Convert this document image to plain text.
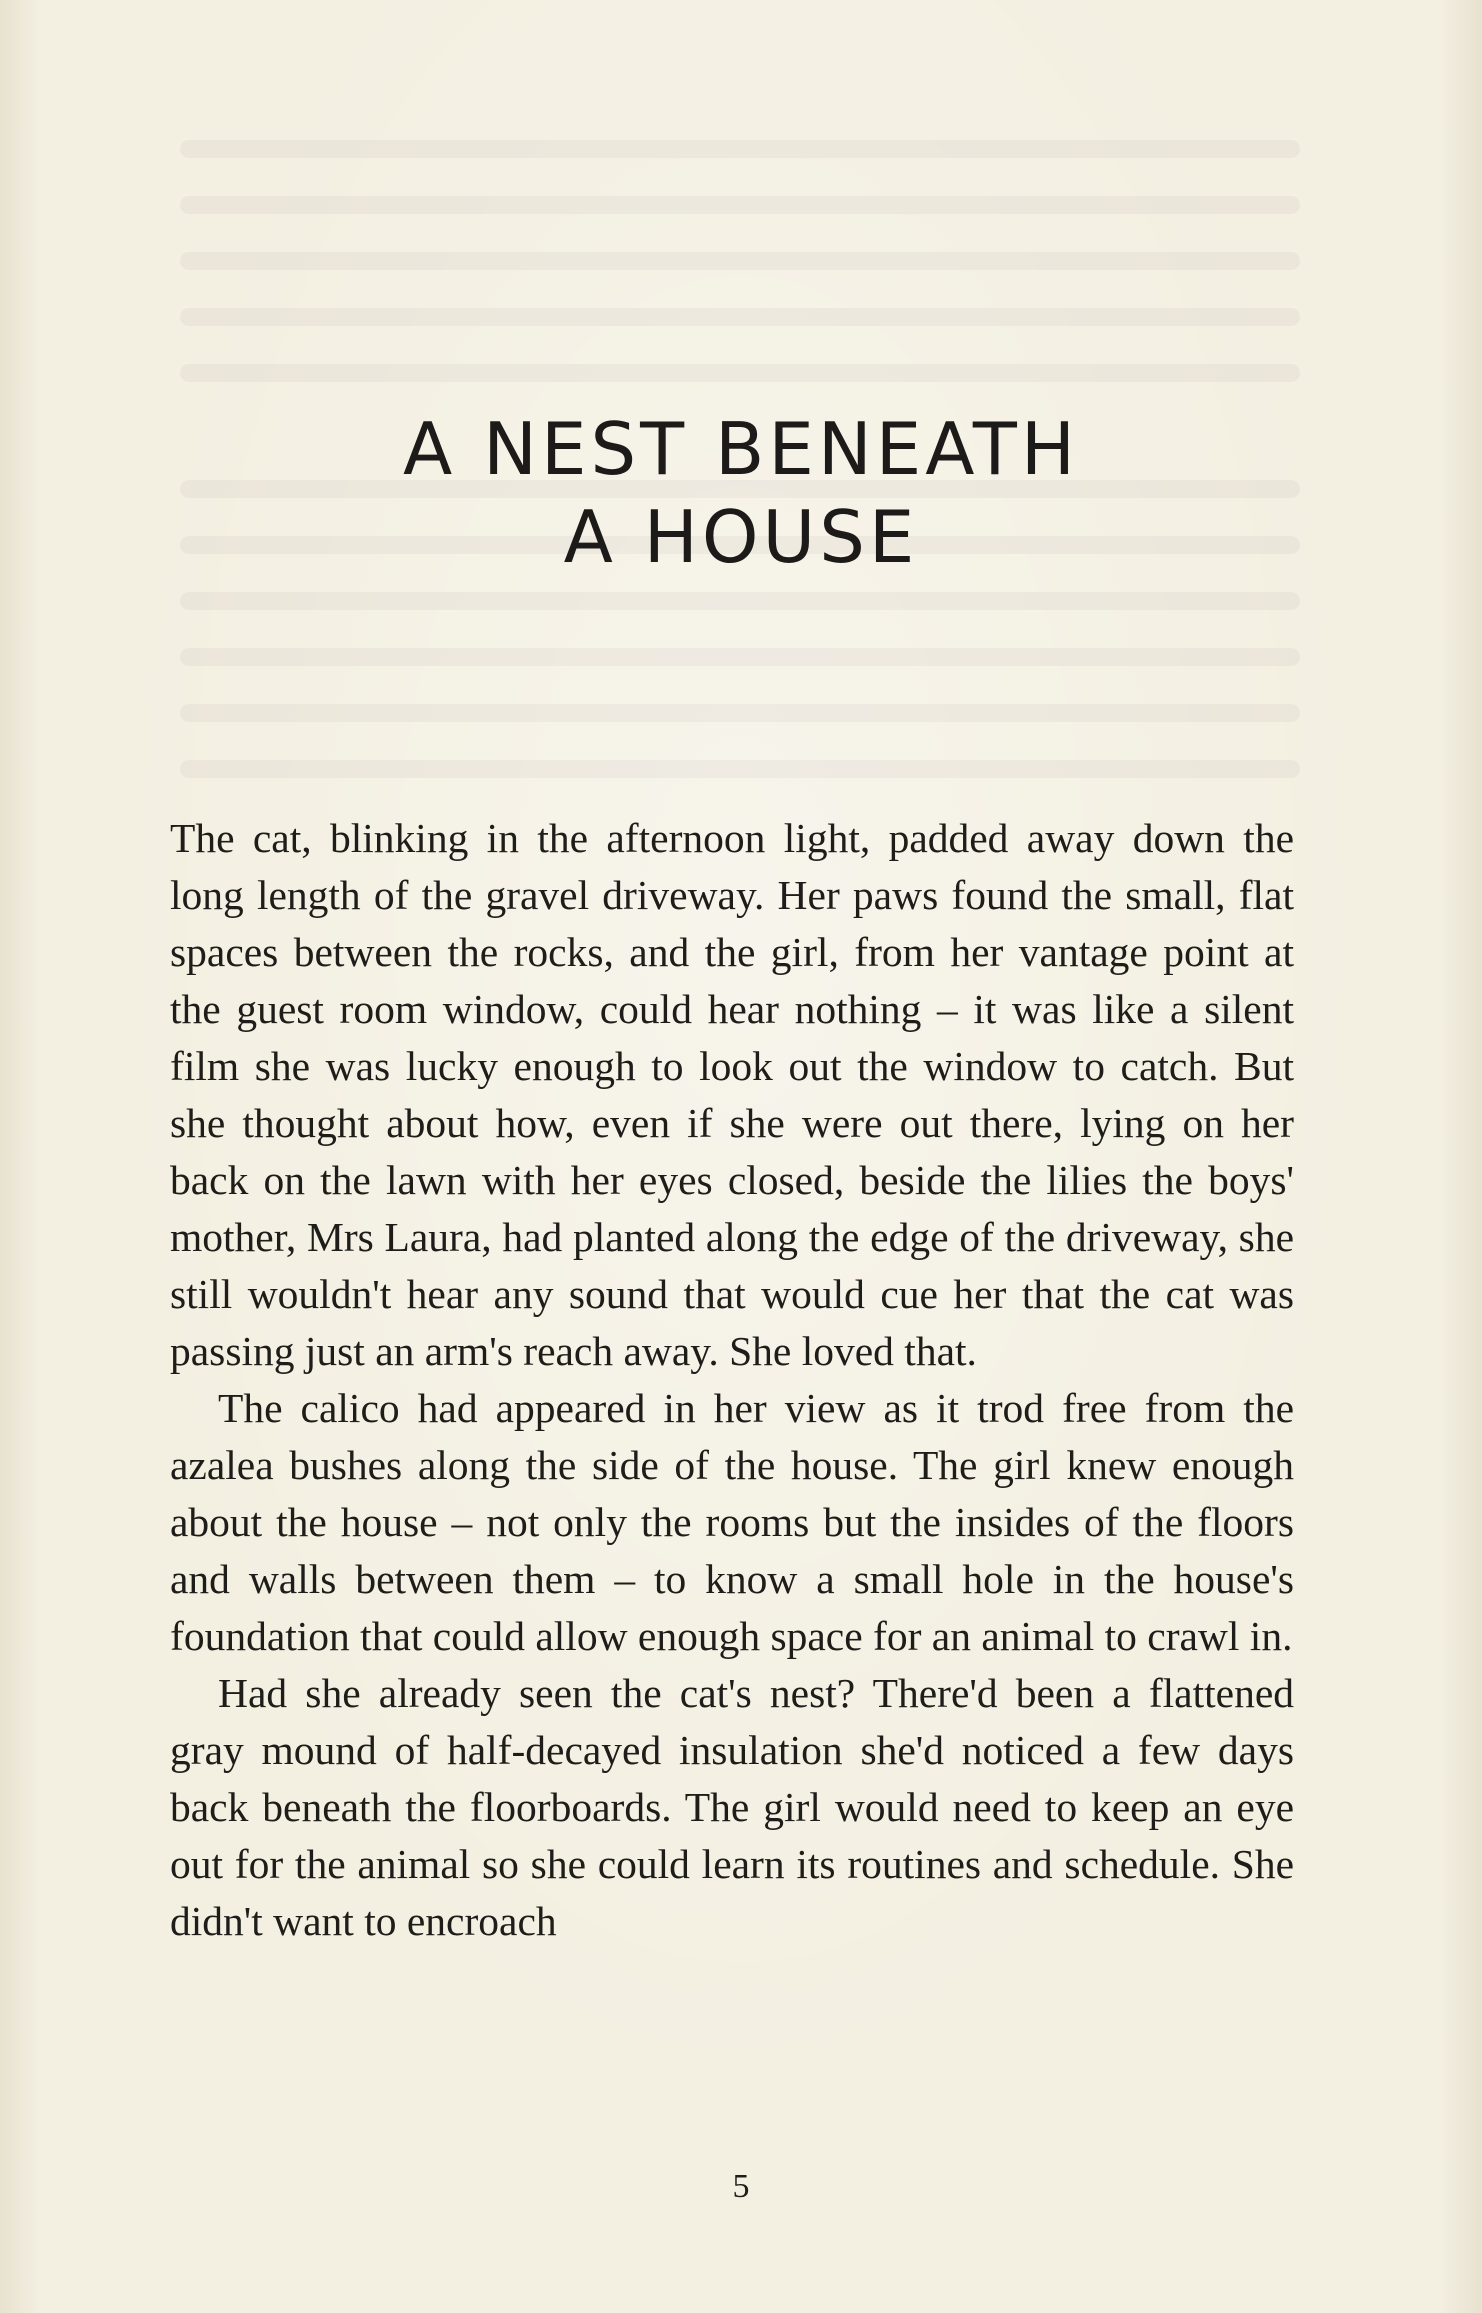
A NEST BENEATH
A HOUSE

The cat, blinking in the afternoon light, padded away down the long length of the gravel driveway. Her paws found the small, flat spaces between the rocks, and the girl, from her vantage point at the guest room window, could hear nothing – it was like a silent film she was lucky enough to look out the window to catch. But she thought about how, even if she were out there, lying on her back on the lawn with her eyes closed, beside the lilies the boys' mother, Mrs Laura, had planted along the edge of the driveway, she still wouldn't hear any sound that would cue her that the cat was passing just an arm's reach away. She loved that.

The calico had appeared in her view as it trod free from the azalea bushes along the side of the house. The girl knew enough about the house – not only the rooms but the insides of the floors and walls between them – to know a small hole in the house's foundation that could allow enough space for an animal to crawl in.

Had she already seen the cat's nest? There'd been a flattened gray mound of half-decayed insulation she'd noticed a few days back beneath the floorboards. The girl would need to keep an eye out for the animal so she could learn its routines and schedule. She didn't want to encroach

5
